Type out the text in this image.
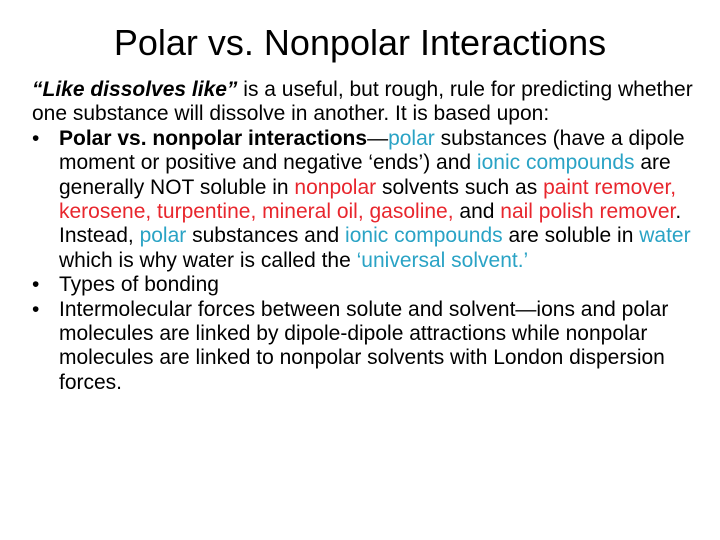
Polar vs. Nonpolar Interactions

“Like dissolves like” is a useful, but rough, rule for predicting whether one substance will dissolve in another. It is based upon:

• Polar vs. nonpolar interactions—polar substances (have a dipole moment or positive and negative ‘ends’) and ionic compounds are generally NOT soluble in nonpolar solvents such as paint remover, kerosene, turpentine, mineral oil, gasoline, and nail polish remover. Instead, polar substances and ionic compounds are soluble in water which is why water is called the ‘universal solvent.’
• Types of bonding
• Intermolecular forces between solute and solvent—ions and polar molecules are linked by dipole-dipole attractions while nonpolar molecules are linked to nonpolar solvents with London dispersion forces.
